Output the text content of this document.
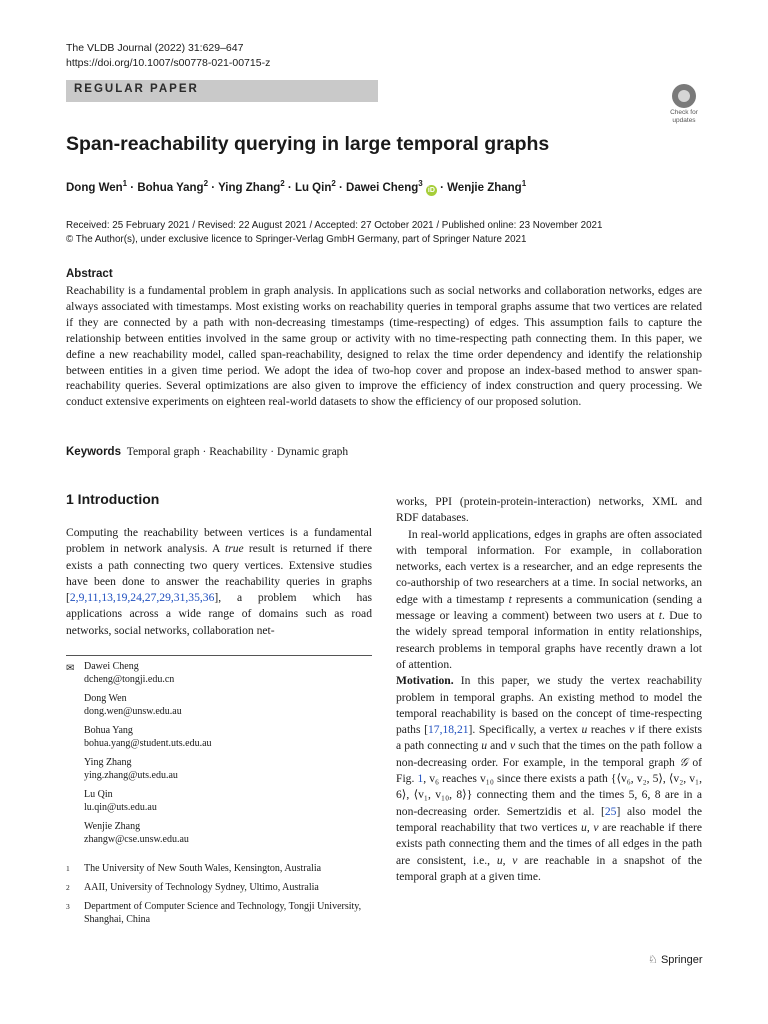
The VLDB Journal (2022) 31:629–647
https://doi.org/10.1007/s00778-021-00715-z
REGULAR PAPER
Check for
updates
Span-reachability querying in large temporal graphs
Dong Wen$^1$ · Bohua Yang$^2$ · Ying Zhang$^2$ · Lu Qin$^2$ · Dawei Cheng$^3$ iD · Wenjie Zhang$^1$
Received: 25 February 2021 / Revised: 22 August 2021 / Accepted: 27 October 2021 / Published online: 23 November 2021
© The Author(s), under exclusive licence to Springer-Verlag GmbH Germany, part of Springer Nature 2021
Abstract
Reachability is a fundamental problem in graph analysis. In applications such as social networks and collaboration networks, edges are always associated with timestamps. Most existing works on reachability queries in temporal graphs assume that two vertices are related if they are connected by a path with non-decreasing timestamps (time-respecting) of edges. This assumption fails to capture the relationship between entities involved in the same group or activity with no time-respecting path connecting them. In this paper, we define a new reachability model, called span-reachability, designed to relax the time order dependency and identify the relationship between entities in a given time period. We adopt the idea of two-hop cover and propose an index-based method to answer span-reachability queries. Several optimizations are also given to improve the efficiency of index construction and query processing. We conduct extensive experiments on eighteen real-world datasets to show the efficiency of our proposed solution.
Keywords Temporal graph · Reachability · Dynamic graph
1 Introduction

Computing the reachability between vertices is a fundamental problem in network analysis. A true result is returned if there exists a path connecting two query vertices. Extensive studies have been done to answer the reachability queries in graphs [2,9,11,13,19,24,27,29,31,35,36], a problem which has applications across a wide range of domains such as road networks, social networks, collaboration net-

✉ Dawei Cheng
dcheng@tongji.edu.cn
Dong Wen
dong.wen@unsw.edu.au
Bohua Yang
bohua.yang@student.uts.edu.au
Ying Zhang
ying.zhang@uts.edu.au
Lu Qin
lu.qin@uts.edu.au
Wenjie Zhang
zhangw@cse.unsw.edu.au
1	The University of New South Wales, Kensington, Australia
2	AAII, University of Technology Sydney, Ultimo, Australia
3	Department of Computer Science and Technology, Tongji University, Shanghai, China

works, PPI (protein-protein-interaction) networks, XML and RDF databases.

In real-world applications, edges in graphs are often associated with temporal information. For example, in collaboration networks, each vertex is a researcher, and an edge represents the co-authorship of two researchers at a time. In social networks, an edge with a timestamp t represents a communication (sending a message or leaving a comment) between two users at t. Due to the widely spread temporal information in entity relationships, research problems in temporal graphs have recently drawn a lot of attention.

Motivation. In this paper, we study the vertex reachability problem in temporal graphs. An existing method to model the temporal reachability is based on the concept of time-respecting paths [17,18,21]. Specifically, a vertex u reaches v if there exists a path connecting u and v such that the times on the path follow a non-decreasing order. For example, in the temporal graph 𝒢 of Fig. 1, v₆ reaches v₁₀ since there exists a path {⟨v₆, v₂, 5⟩, ⟨v₂, v₁, 6⟩, ⟨v₁, v₁₀, 8⟩} connecting them and the times 5, 6, 8 are in a non-decreasing order. Semertzidis et al. [25] also model the temporal reachability that two vertices u, v are reachable if there exists path connecting them and the times of all edges in the path are consistent, i.e., u, v are reachable in a snapshot of the temporal graph at a given time.

♘ Springer
